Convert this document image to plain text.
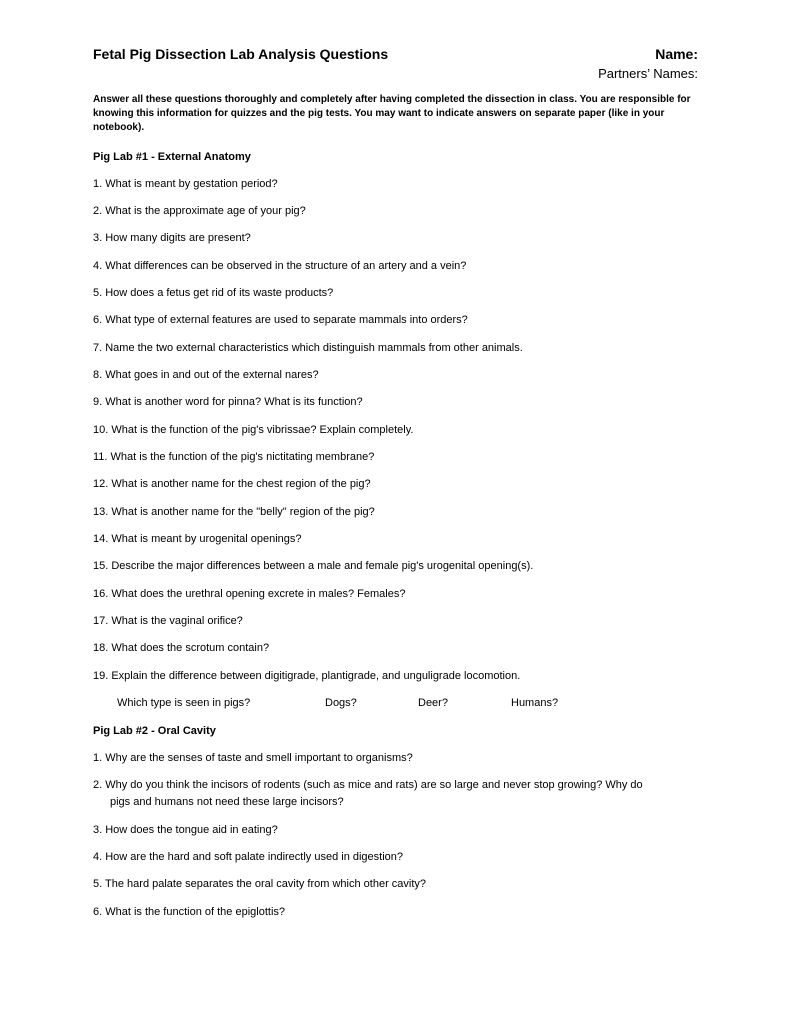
Fetal Pig Dissection Lab Analysis Questions	Name:
Partners’ Names:
Answer all these questions thoroughly and completely after having completed the dissection in class. You are responsible for knowing this information for quizzes and the pig tests. You may want to indicate answers on separate paper (like in your notebook).
Pig Lab #1 - External Anatomy
1. What is meant by gestation period?
2. What is the approximate age of your pig?
3. How many digits are present?
4. What differences can be observed in the structure of an artery and a vein?
5. How does a fetus get rid of its waste products?
6. What type of external features are used to separate mammals into orders?
7. Name the two external characteristics which distinguish mammals from other animals.
8. What goes in and out of the external nares?
9. What is another word for pinna? What is its function?
10. What is the function of the pig's vibrissae? Explain completely.
11. What is the function of the pig's nictitating membrane?
12. What is another name for the chest region of the pig?
13. What is another name for the "belly" region of the pig?
14. What is meant by urogenital openings?
15. Describe the major differences between a male and female pig's urogenital opening(s).
16. What does the urethral opening excrete in males? Females?
17. What is the vaginal orifice?
18. What does the scrotum contain?
19. Explain the difference between digitigrade, plantigrade, and unguligrade locomotion.
Which type is seen in pigs?	Dogs?	Deer?	Humans?
Pig Lab #2 - Oral Cavity
1. Why are the senses of taste and smell important to organisms?
2. Why do you think the incisors of rodents (such as mice and rats) are so large and never stop growing? Why do
pigs and humans not need these large incisors?
3. How does the tongue aid in eating?
4. How are the hard and soft palate indirectly used in digestion?
5. The hard palate separates the oral cavity from which other cavity?
6. What is the function of the epiglottis?
